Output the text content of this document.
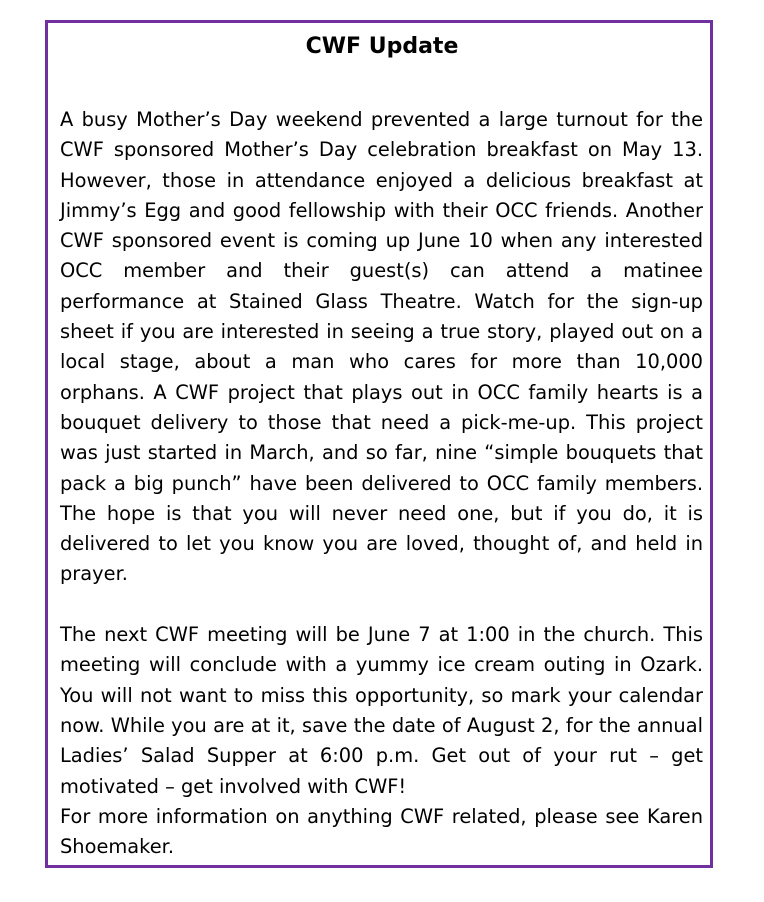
CWF Update

A busy Mother’s Day weekend prevented a large turnout for the CWF sponsored Mother’s Day celebration breakfast on May 13. However, those in attendance enjoyed a delicious breakfast at Jimmy’s Egg and good fellowship with their OCC friends. Another CWF sponsored event is coming up June 10 when any interested OCC member and their guest(s) can attend a matinee performance at Stained Glass Theatre. Watch for the sign-up sheet if you are interested in seeing a true story, played out on a local stage, about a man who cares for more than 10,000 orphans. A CWF project that plays out in OCC family hearts is a bouquet delivery to those that need a pick-me-up. This project was just started in March, and so far, nine “simple bouquets that pack a big punch” have been delivered to OCC family members. The hope is that you will never need one, but if you do, it is delivered to let you know you are loved, thought of, and held in prayer.

The next CWF meeting will be June 7 at 1:00 in the church. This meeting will conclude with a yummy ice cream outing in Ozark. You will not want to miss this opportunity, so mark your calendar now. While you are at it, save the date of August 2, for the annual Ladies’ Salad Supper at 6:00 p.m. Get out of your rut – get motivated – get involved with CWF!

For more information on anything CWF related, please see Karen Shoemaker.
